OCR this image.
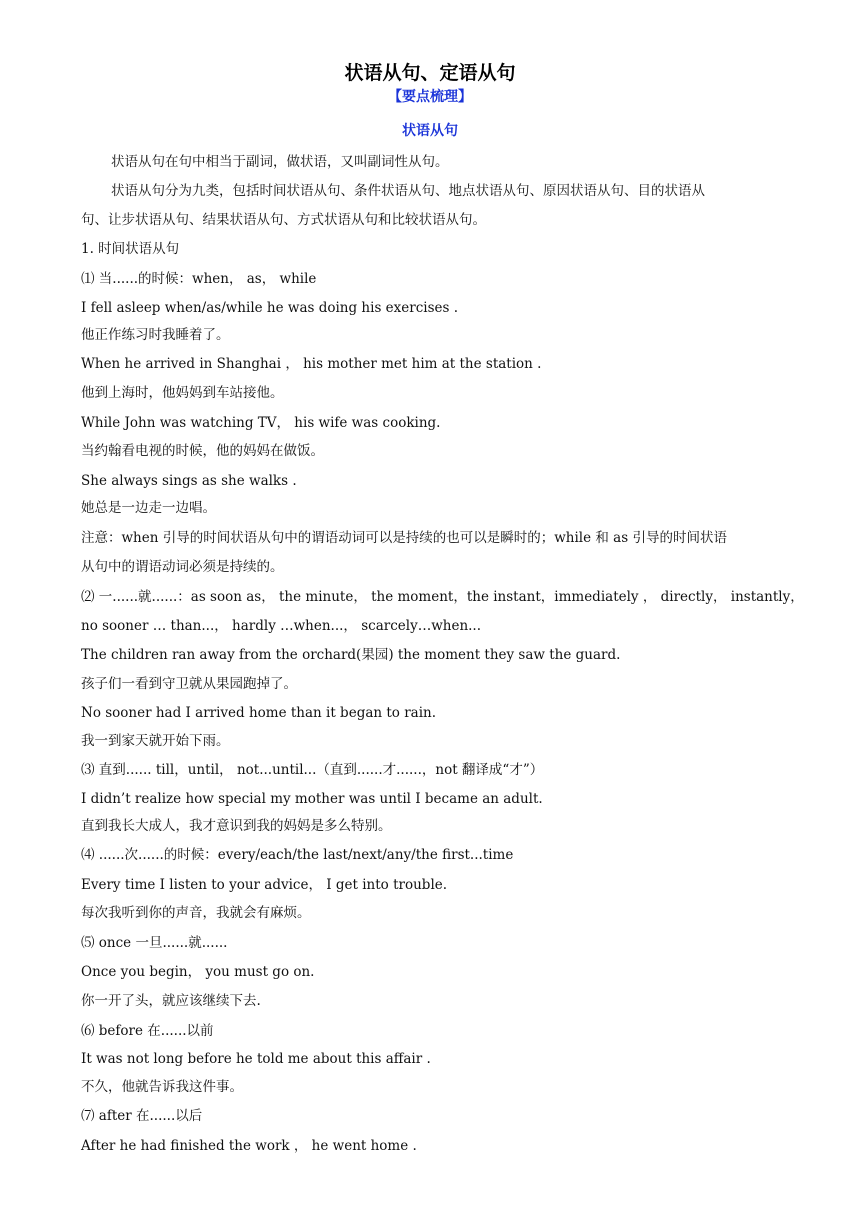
状语从句、定语从句
【要点梳理】
状语从句
状语从句在句中相当于副词，做状语，又叫副词性从句。
状语从句分为九类，包括时间状语从句、条件状语从句、地点状语从句、原因状语从句、目的状语从
句、让步状语从句、结果状语从句、方式状语从句和比较状语从句。
1. 时间状语从句
⑴ 当......的时候：when， as， while
I fell asleep when/as/while he was doing his exercises .
他正作练习时我睡着了。
When he arrived in Shanghai ， his mother met him at the station .
他到上海时，他妈妈到车站接他。
While John was watching TV， his wife was cooking.
当约翰看电视的时候，他的妈妈在做饭。
She always sings as she walks .
她总是一边走一边唱。
注意：when 引导的时间状语从句中的谓语动词可以是持续的也可以是瞬时的；while 和 as 引导的时间状语
从句中的谓语动词必须是持续的。
⑵ 一......就......：as soon as， the minute， the moment，the instant，immediately ， directly， instantly，
no sooner … than...， hardly …when...， scarcely…when...
The children ran away from the orchard(果园) the moment they saw the guard.
孩子们一看到守卫就从果园跑掉了。
No sooner had I arrived home than it began to rain.
我一到家天就开始下雨。
⑶ 直到...... till，until， not...until...（直到......才......，not 翻译成“才”）
I didn’t realize how special my mother was until I became an adult.
直到我长大成人，我才意识到我的妈妈是多么特别。
⑷ ......次......的时候：every/each/the last/next/any/the first...time
Every time I listen to your advice， I get into trouble.
每次我听到你的声音，我就会有麻烦。
⑸ once 一旦......就......
Once you begin， you must go on.
你一开了头，就应该继续下去.
⑹ before 在......以前
It was not long before he told me about this affair .
不久，他就告诉我这件事。
⑺ after 在......以后
After he had finished the work ， he went home .
